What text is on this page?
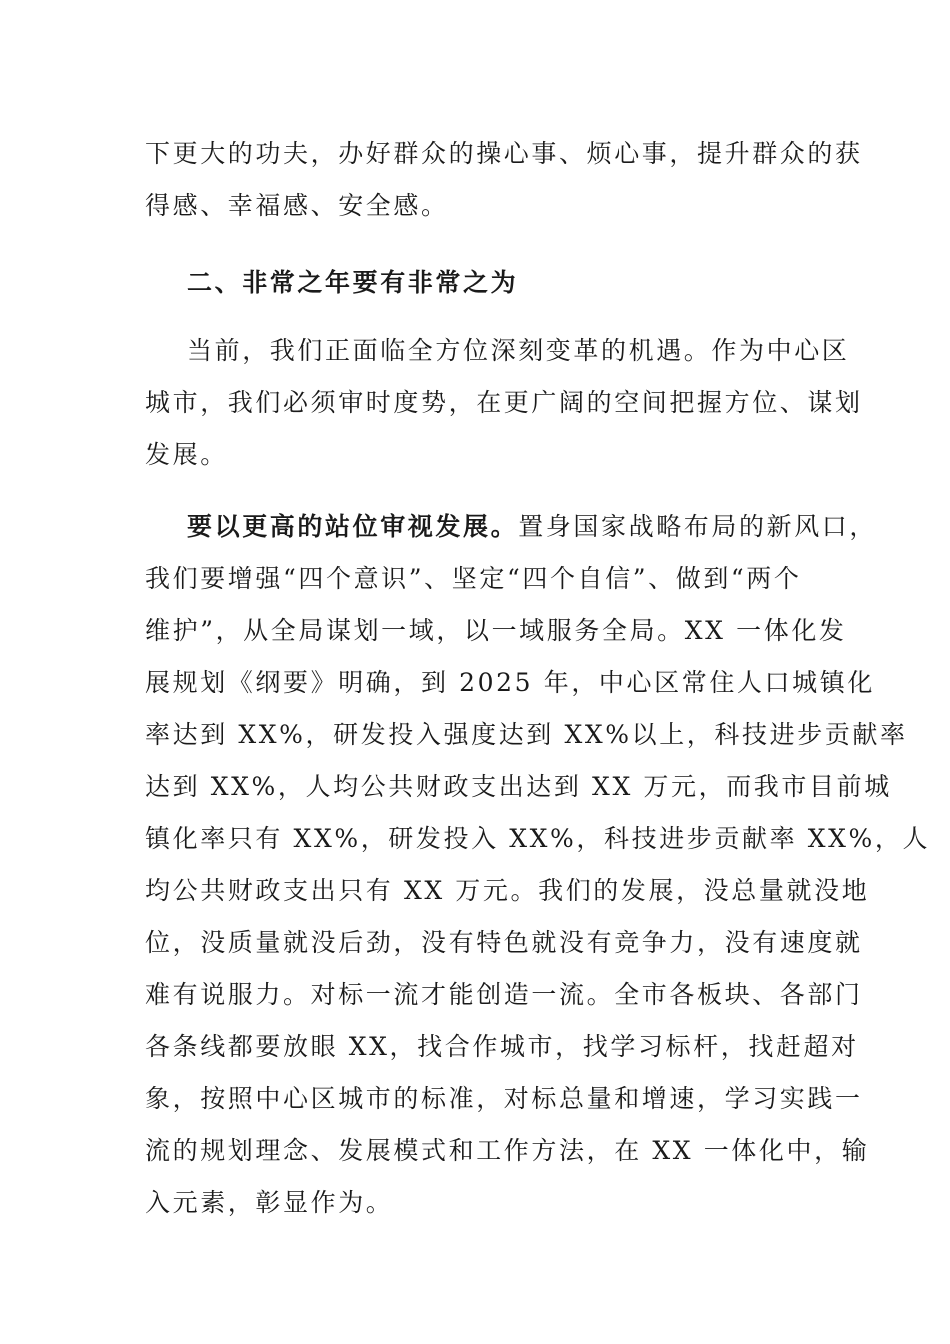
下更大的功夫，办好群众的操心事、烦心事，提升群众的获
得感、幸福感、安全感。

二、非常之年要有非常之为

当前，我们正面临全方位深刻变革的机遇。作为中心区
城市，我们必须审时度势，在更广阔的空间把握方位、谋划
发展。

要以更高的站位审视发展。置身国家战略布局的新风口，
我们要增强“四个意识”、坚定“四个自信”、做到“两个
维护”，从全局谋划一域，以一域服务全局。XX 一体化发
展规划《纲要》明确，到 2025 年，中心区常住人口城镇化
率达到 XX%，研发投入强度达到 XX%以上，科技进步贡献率
达到 XX%，人均公共财政支出达到 XX 万元，而我市目前城
镇化率只有 XX%，研发投入 XX%，科技进步贡献率 XX%，人
均公共财政支出只有 XX 万元。我们的发展，没总量就没地
位，没质量就没后劲，没有特色就没有竞争力，没有速度就
难有说服力。对标一流才能创造一流。全市各板块、各部门
各条线都要放眼 XX，找合作城市，找学习标杆，找赶超对
象，按照中心区城市的标准，对标总量和增速，学习实践一
流的规划理念、发展模式和工作方法，在 XX 一体化中，输
入元素，彰显作为。
